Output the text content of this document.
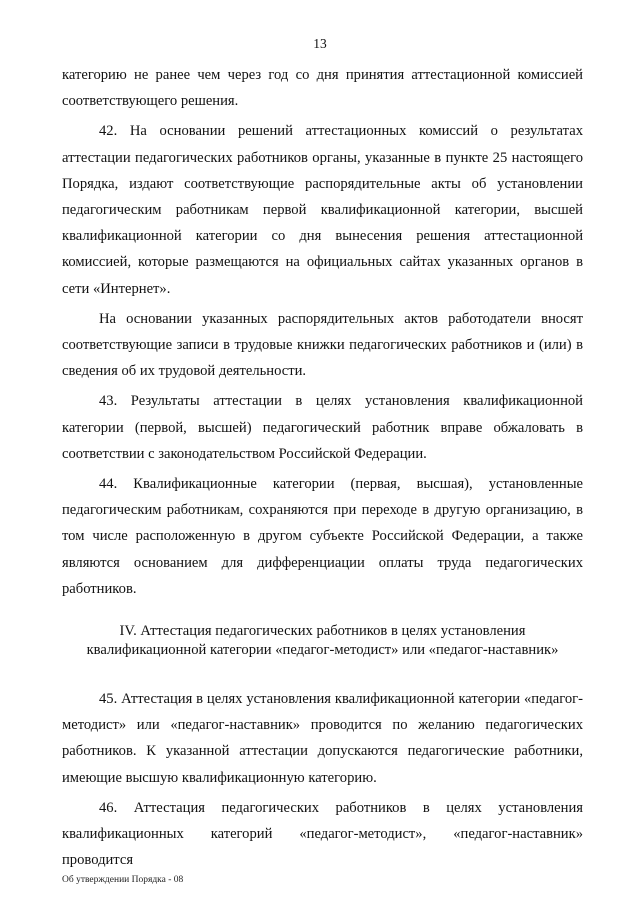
13

категорию не ранее чем через год со дня принятия аттестационной комиссией соответствующего решения.

42. На основании решений аттестационных комиссий о результатах аттестации педагогических работников органы, указанные в пункте 25 настоящего Порядка, издают соответствующие распорядительные акты об установлении педагогическим работникам первой квалификационной категории, высшей квалификационной категории со дня вынесения решения аттестационной комиссией, которые размещаются на официальных сайтах указанных органов в сети «Интернет».

На основании указанных распорядительных актов работодатели вносят соответствующие записи в трудовые книжки педагогических работников и (или) в сведения об их трудовой деятельности.

43. Результаты аттестации в целях установления квалификационной категории (первой, высшей) педагогический работник вправе обжаловать в соответствии с законодательством Российской Федерации.

44. Квалификационные категории (первая, высшая), установленные педагогическим работникам, сохраняются при переходе в другую организацию, в том числе расположенную в другом субъекте Российской Федерации, а также являются основанием для дифференциации оплаты труда педагогических работников.

IV. Аттестация педагогических работников в целях установления
квалификационной категории «педагог-методист» или «педагог-наставник»

45. Аттестация в целях установления квалификационной категории «педагог-методист» или «педагог-наставник» проводится по желанию педагогических работников. К указанной аттестации допускаются педагогические работники, имеющие высшую квалификационную категорию.

46. Аттестация педагогических работников в целях установления квалификационных категорий «педагог-методист», «педагог-наставник» проводится

Об утверждении Порядка - 08
